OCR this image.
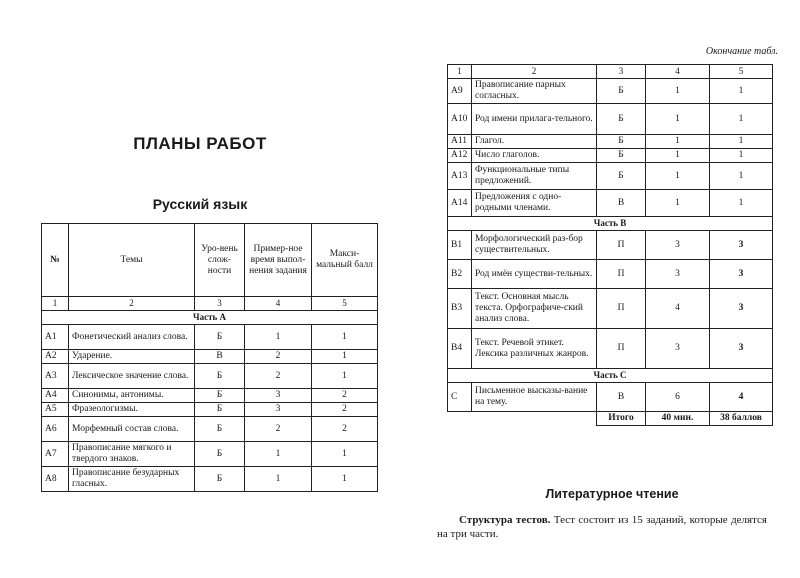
ПЛАНЫ РАБОТ
Русский язык
№	Темы	Уро-вень слож-ности	Пример-ное время выпол-нения задания	Макси-мальный балл
1	2	3	4	5
Часть А				
А1	Фонетический анализ слова.	Б	1	1
А2	Ударение.	В	2	1
А3	Лексическое значение слова.	Б	2	1
А4	Синонимы, антонимы.	Б	3	2
А5	Фразеологизмы.	Б	3	2
А6	Морфемный состав слова.	Б	2	2
А7	Правописание мягкого и твердого знаков.	Б	1	1
А8	Правописание безударных гласных.	Б	1	1
Окончание табл.
1	2	3	4	5
А9	Правописание парных согласных.	Б	1	1
А10	Род имени прилага-тельного.	Б	1	1
А11	Глагол.	Б	1	1
А12	Число глаголов.	Б	1	1
А13	Функциональные типы предложений.	Б	1	1
А14	Предложения с одно-родными членами.	В	1	1
Часть В				
В1	Морфологический раз-бор существительных.	П	3	3
В2	Род имён существи-тельных.	П	3	3
В3	Текст. Основная мысль текста. Орфографиче-ский анализ слова.	П	4	3
В4	Текст. Речевой этикет. Лексика различных жанров.	П	3	3
Часть С				
С	Письменное высказы-вание на тему.	В	6	4
		Итого	40 мин.	38 баллов
Литературное чтение
Структура тестов. Тест состоит из 15 заданий, которые делятся на три части.
